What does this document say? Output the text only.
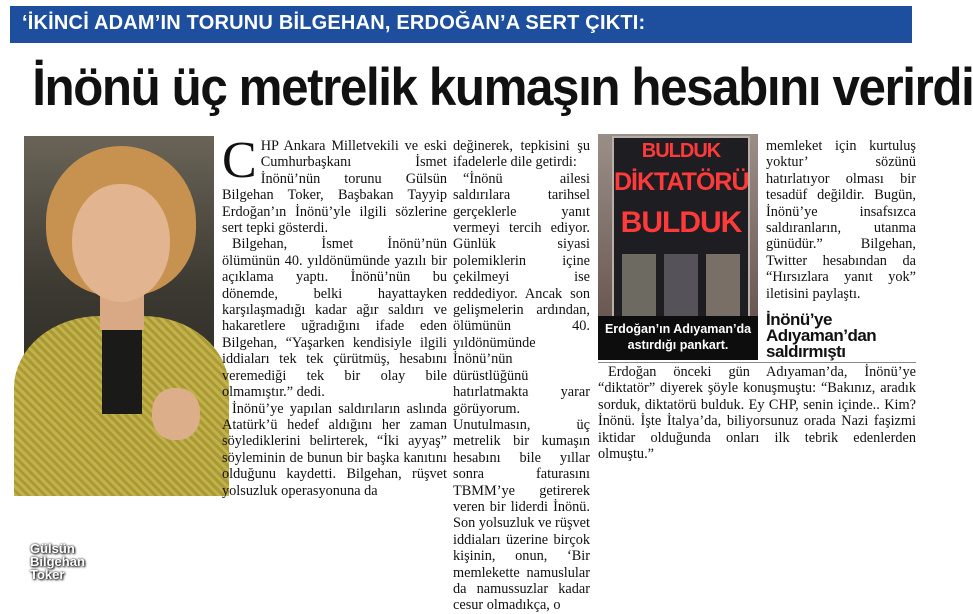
‘İKİNCİ ADAM’IN TORUNU BİLGEHAN, ERDOĞAN’A SERT ÇIKTI:
İnönü üç metrelik kumaşın hesabını verirdi
Gülsün
Bilgehan
Toker

CHP Ankara Milletvekili ve eski Cumhurbaşkanı İsmet İnönü’nün torunu Gülsün Bilgehan Toker, Başbakan Tayyip Erdoğan’ın İnönü’yle ilgili sözlerine sert tepki gösterdi.

Bilgehan, İsmet İnönü’nün ölümünün 40. yıldönümünde yazılı bir açıklama yaptı. İnönü’nün bu dönemde, belki hayattayken karşılaşmadığı kadar ağır saldırı ve hakaretlere uğradığını ifade eden Bilgehan, “Yaşarken kendisiyle ilgili iddiaları tek tek çürütmüş, hesabını veremediği tek bir olay bile olmamıştır.” dedi.

İnönü’ye yapılan saldırıların aslında Atatürk’ü hedef aldığını her zaman söylediklerini belirterek, “İki ayyaş” söyleminin de bunun bir başka kanıtını olduğunu kaydetti. Bilgehan, rüşvet yolsuzluk operasyonuna da

değinerek, tepkisini şu ifadelerle dile getirdi:

“İnönü ailesi saldırılara tarihsel gerçeklerle yanıt vermeyi tercih ediyor. Günlük siyasi polemiklerin içine çekilmeyi ise reddediyor. Ancak son gelişmelerin ardından, ölümünün 40. yıldönümünde İnönü’nün dürüstlüğünü hatırlatmakta yarar görüyorum. Unutulmasın, üç metrelik bir kumaşın hesabını bile yıllar sonra faturasını TBMM’ye getirerek veren bir liderdi İnönü. Son yolsuzluk ve rüşvet iddiaları üzerine birçok kişinin, onun, ‘Bir memlekette namuslular da namussuzlar kadar cesur olmadıkça, o

BULDUK
DİKTATÖRÜ
BULDUK
Erdoğan’ın Adıyaman’da
astırdığı pankart.

memleket için kurtuluş yoktur’ sözünü hatırlatıyor olması bir tesadüf değildir. Bugün, İnönü’ye insafsızca saldıranların, utanma günüdür.” Bilgehan, Twitter hesabından da “Hırsızlara yanıt yok” iletisini paylaştı.

İnönü’ye
Adıyaman’dan
saldırmıştı

Erdoğan önceki gün Adıyaman’da, İnönü’ye “diktatör” diyerek şöyle konuşmuştu: “Bakınız, aradık sorduk, diktatörü bulduk. Ey CHP, senin içinde.. Kim? İnönü. İşte İtalya’da, biliyorsunuz orada Nazi faşizmi iktidar olduğunda onları ilk tebrik edenlerden olmuştu.”
